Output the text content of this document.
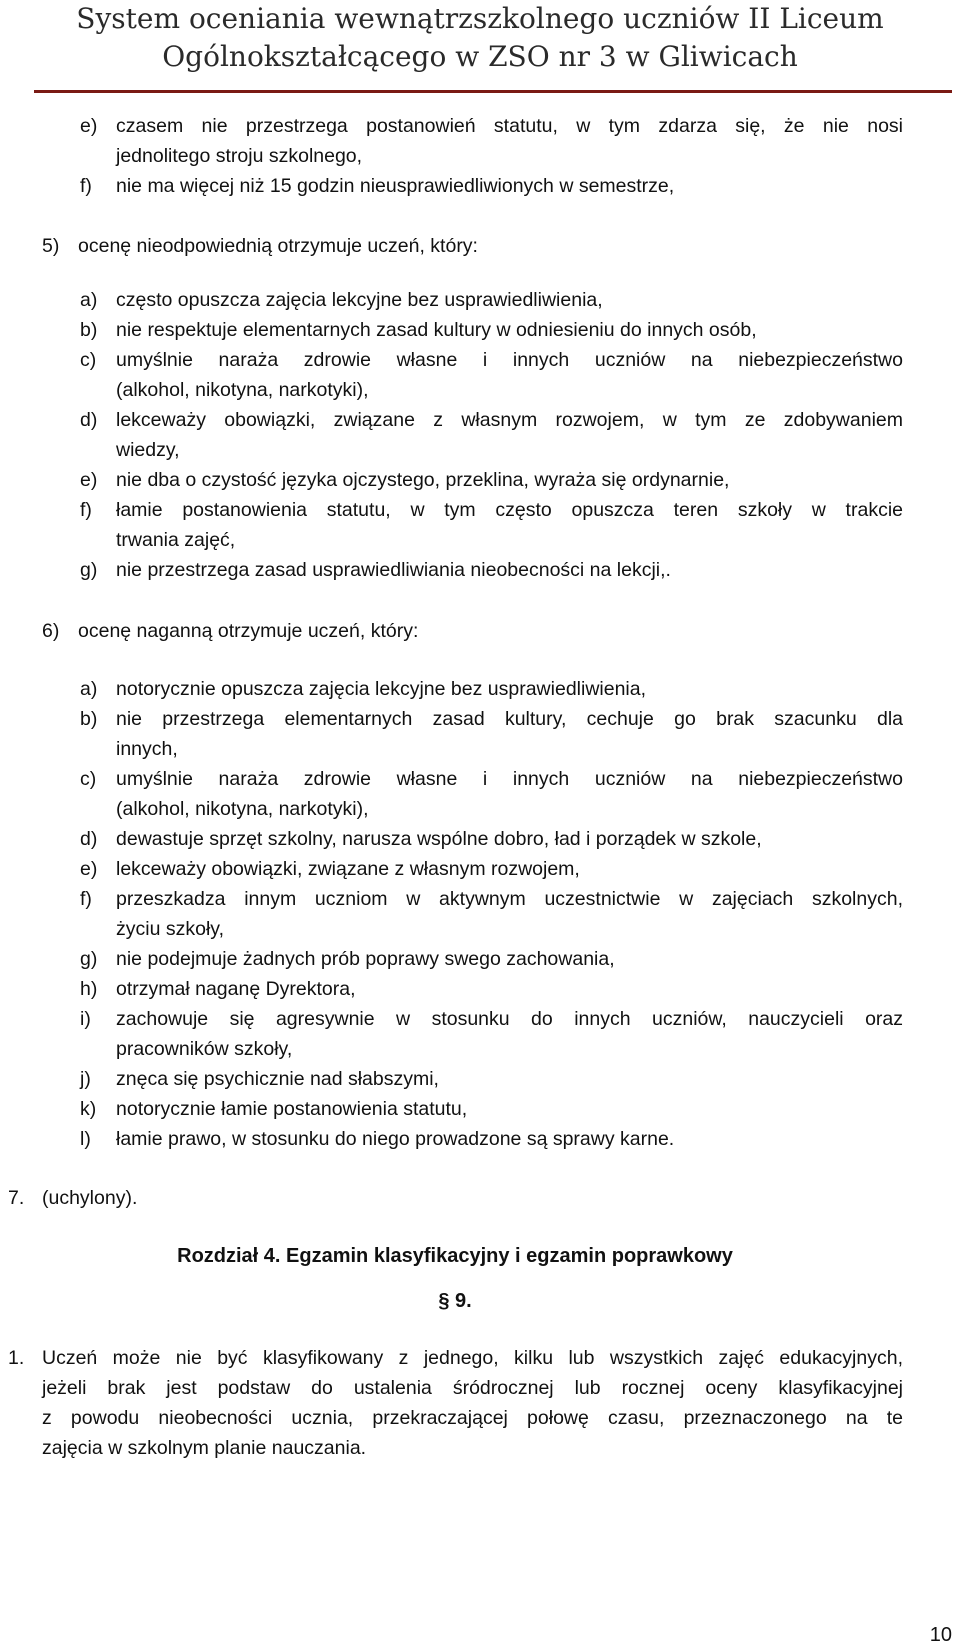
System oceniania wewnątrzszkolnego uczniów II Liceum
Ogólnokształcącego w ZSO nr 3 w Gliwicach
e) czasem nie przestrzega postanowień statutu, w tym zdarza się, że nie nosi
jednolitego stroju szkolnego,
f) nie ma więcej niż 15 godzin nieusprawiedliwionych w semestrze,
5) ocenę nieodpowiednią otrzymuje uczeń, który:
a) często opuszcza zajęcia lekcyjne bez usprawiedliwienia,
b) nie respektuje elementarnych zasad kultury w odniesieniu do innych osób,
c) umyślnie naraża zdrowie własne i innych uczniów na niebezpieczeństwo
(alkohol, nikotyna, narkotyki),
d) lekceważy obowiązki, związane z własnym rozwojem, w tym ze zdobywaniem
wiedzy,
e) nie dba o czystość języka ojczystego, przeklina, wyraża się ordynarnie,
f) łamie postanowienia statutu, w tym często opuszcza teren szkoły w trakcie
trwania zajęć,
g) nie przestrzega zasad usprawiedliwiania nieobecności na lekcji,.
6) ocenę naganną otrzymuje uczeń, który:
a) notorycznie opuszcza zajęcia lekcyjne bez usprawiedliwienia,
b) nie przestrzega elementarnych zasad kultury, cechuje go brak szacunku dla
innych,
c) umyślnie naraża zdrowie własne i innych uczniów na niebezpieczeństwo
(alkohol, nikotyna, narkotyki),
d) dewastuje sprzęt szkolny, narusza wspólne dobro, ład i porządek w szkole,
e) lekceważy obowiązki, związane z własnym rozwojem,
f) przeszkadza innym uczniom w aktywnym uczestnictwie w zajęciach szkolnych,
życiu szkoły,
g) nie podejmuje żadnych prób poprawy swego zachowania,
h) otrzymał naganę Dyrektora,
i) zachowuje się agresywnie w stosunku do innych uczniów, nauczycieli oraz
pracowników szkoły,
j) znęca się psychicznie nad słabszymi,
k) notorycznie łamie postanowienia statutu,
l) łamie prawo, w stosunku do niego prowadzone są sprawy karne.
7. (uchylony).
Rozdział 4. Egzamin klasyfikacyjny i egzamin poprawkowy
§ 9.
1. Uczeń może nie być klasyfikowany z jednego, kilku lub wszystkich zajęć edukacyjnych,
jeżeli brak jest podstaw do ustalenia śródrocznej lub rocznej oceny klasyfikacyjnej
z powodu nieobecności ucznia, przekraczającej połowę czasu, przeznaczonego na te
zajęcia w szkolnym planie nauczania.
10
